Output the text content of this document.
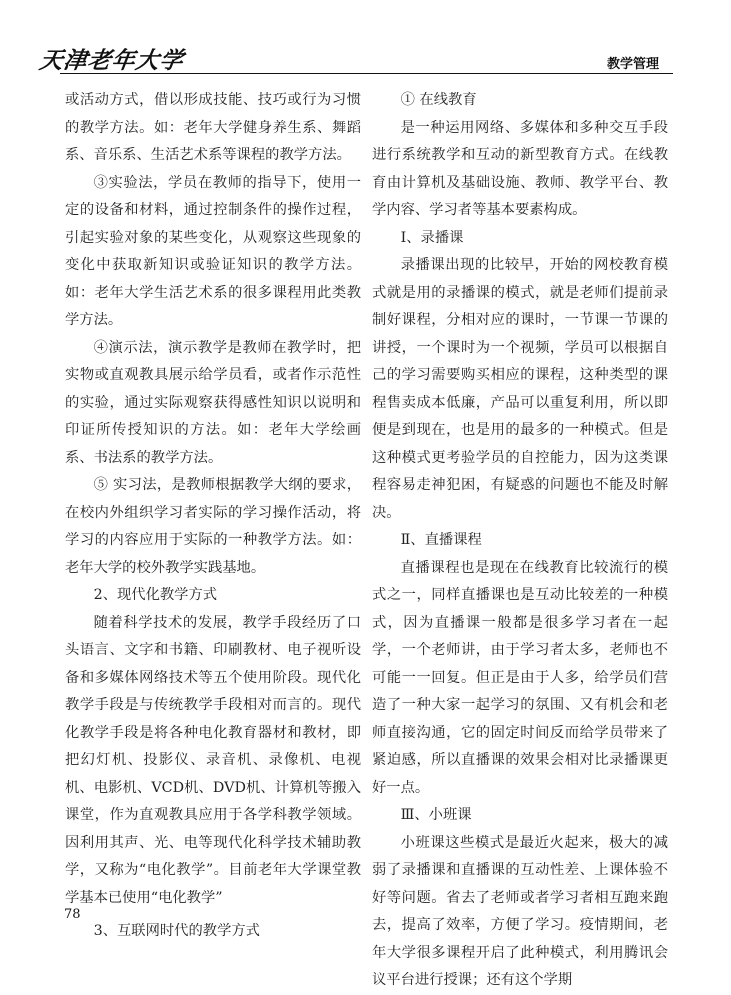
天津老年大学	教学管理

或活动方式，借以形成技能、技巧或行为习惯的教学方法。如：老年大学健身养生系、舞蹈系、音乐系、生活艺术系等课程的教学方法。

③实验法，学员在教师的指导下，使用一定的设备和材料，通过控制条件的操作过程，引起实验对象的某些变化，从观察这些现象的变化中获取新知识或验证知识的教学方法。如：老年大学生活艺术系的很多课程用此类教学方法。

④演示法，演示教学是教师在教学时，把实物或直观教具展示给学员看，或者作示范性的实验，通过实际观察获得感性知识以说明和印证所传授知识的方法。如：老年大学绘画系、书法系的教学方法。

⑤ 实习法，是教师根据教学大纲的要求，在校内外组织学习者实际的学习操作活动，将学习的内容应用于实际的一种教学方法。如：老年大学的校外教学实践基地。

2、现代化教学方式

随着科学技术的发展，教学手段经历了口头语言、文字和书籍、印刷教材、电子视听设备和多媒体网络技术等五个使用阶段。现代化教学手段是与传统教学手段相对而言的。现代化教学手段是将各种电化教育器材和教材，即把幻灯机、投影仪、录音机、录像机、电视机、电影机、VCD机、DVD机、计算机等搬入课堂，作为直观教具应用于各学科教学领域。因利用其声、光、电等现代化科学技术辅助教学，又称为“电化教学”。目前老年大学课堂教学基本已使用“电化教学”

3、互联网时代的教学方式

① 在线教育

是一种运用网络、多媒体和多种交互手段进行系统教学和互动的新型教育方式。在线教育由计算机及基础设施、教师、教学平台、教学内容、学习者等基本要素构成。

Ⅰ、录播课

录播课出现的比较早，开始的网校教育模式就是用的录播课的模式，就是老师们提前录制好课程，分相对应的课时，一节课一节课的讲授，一个课时为一个视频，学员可以根据自己的学习需要购买相应的课程，这种类型的课程售卖成本低廉，产品可以重复利用，所以即便是到现在，也是用的最多的一种模式。但是这种模式更考验学员的自控能力，因为这类课程容易走神犯困，有疑惑的问题也不能及时解决。

Ⅱ、直播课程

直播课程也是现在在线教育比较流行的模式之一，同样直播课也是互动比较差的一种模式，因为直播课一般都是很多学习者在一起学，一个老师讲，由于学习者太多，老师也不可能一一回复。但正是由于人多，给学员们营造了一种大家一起学习的氛围、又有机会和老师直接沟通，它的固定时间反而给学员带来了紧迫感，所以直播课的效果会相对比录播课更好一点。

Ⅲ、小班课

小班课这些模式是最近火起来，极大的减弱了录播课和直播课的互动性差、上课体验不好等问题。省去了老师或者学习者相互跑来跑去，提高了效率，方便了学习。疫情期间，老年大学很多课程开启了此种模式，利用腾讯会议平台进行授课；还有这个学期

78
